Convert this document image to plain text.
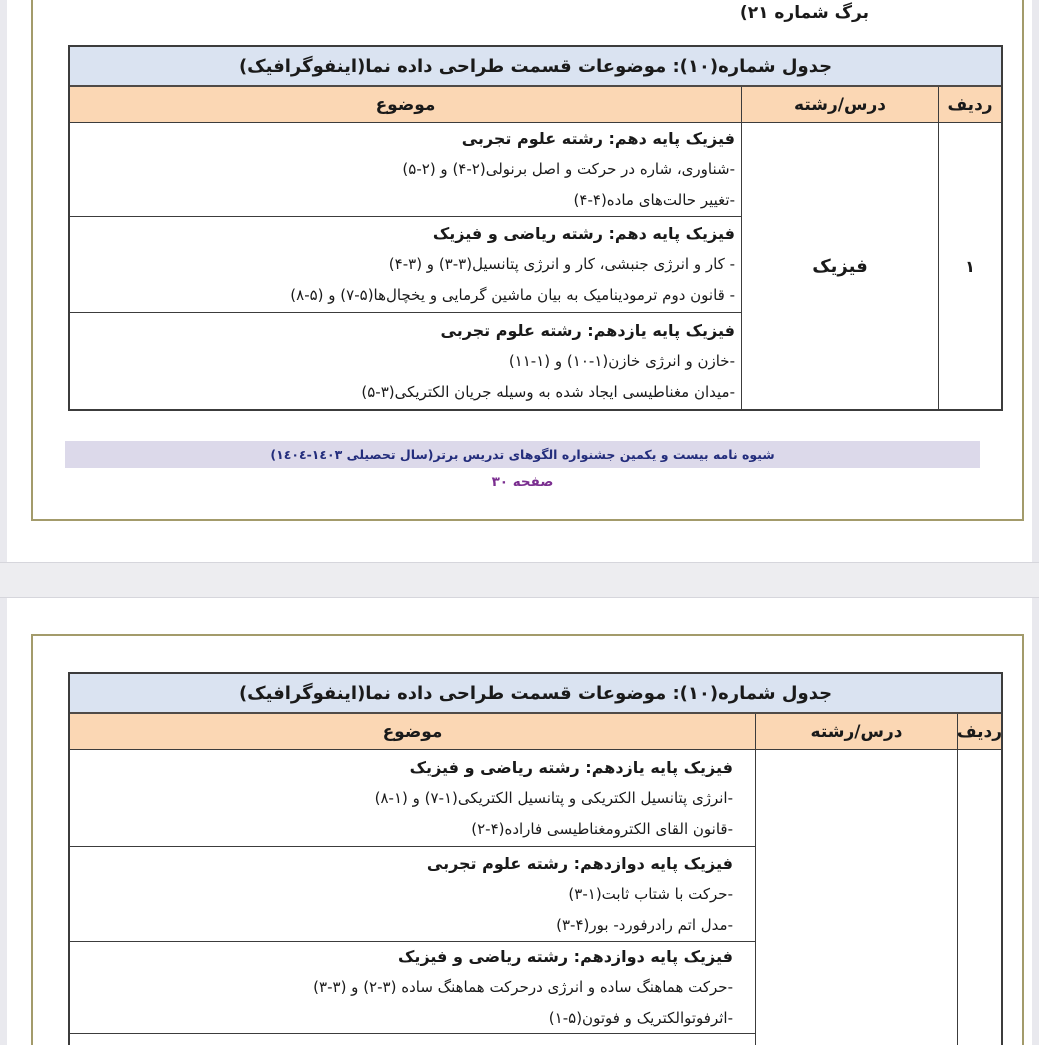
برگ شماره ۲۱)
جدول شماره(۱۰): موضوعات قسمت طراحی داده نما(اینفوگرافیک)
ردیف
درس/رشته
موضوع
۱
فیزیک
فیزیک پایه دهم: رشته علوم تجربی
-شناوری، شاره در حرکت و اصل برنولی(۲-۴) و (۲-۵)
-تغییر حالت‌های ماده(۴-۴)
فیزیک پایه دهم: رشته ریاضی و فیزیک
- کار و انرژی جنبشی، کار و انرژی پتانسیل(۳-۳) و (۳-۴)
- قانون دوم ترمودینامیک به بیان ماشین گرمایی و یخچال‌ها(۵-۷) و (۵-۸)
فیزیک پایه یازدهم: رشته علوم تجربی
-خازن و انرژی خازن(۱-۱۰) و (۱-۱۱)
-میدان مغناطیسی ایجاد شده به وسیله جریان الکتریکی(۳-۵)
شیوه نامه بیست و یکمین جشنواره الگوهای تدریس برتر(سال تحصیلی ١٤٠٣-١٤٠٤)
صفحه ۳۰
جدول شماره(۱۰): موضوعات قسمت طراحی داده نما(اینفوگرافیک)
ردیف
درس/رشته
موضوع
فیزیک پایه یازدهم: رشته ریاضی و فیزیک
-انرژی پتانسیل الکتریکی و پتانسیل الکتریکی(۱-۷) و (۱-۸)
-قانون القای الکترومغناطیسی فاراده(۴-۲)
فیزیک پایه دوازدهم: رشته علوم تجربی
-حرکت با شتاب ثابت(۱-۳)
-مدل اتم رادرفورد- بور(۴-۳)
فیزیک پایه دوازدهم: رشته ریاضی و فیزیک
-حرکت هماهنگ ساده و انرژی درحرکت هماهنگ ساده (۳-۲) و (۳-۳)
-اثرفوتوالکتریک و فوتون(۵-۱)
